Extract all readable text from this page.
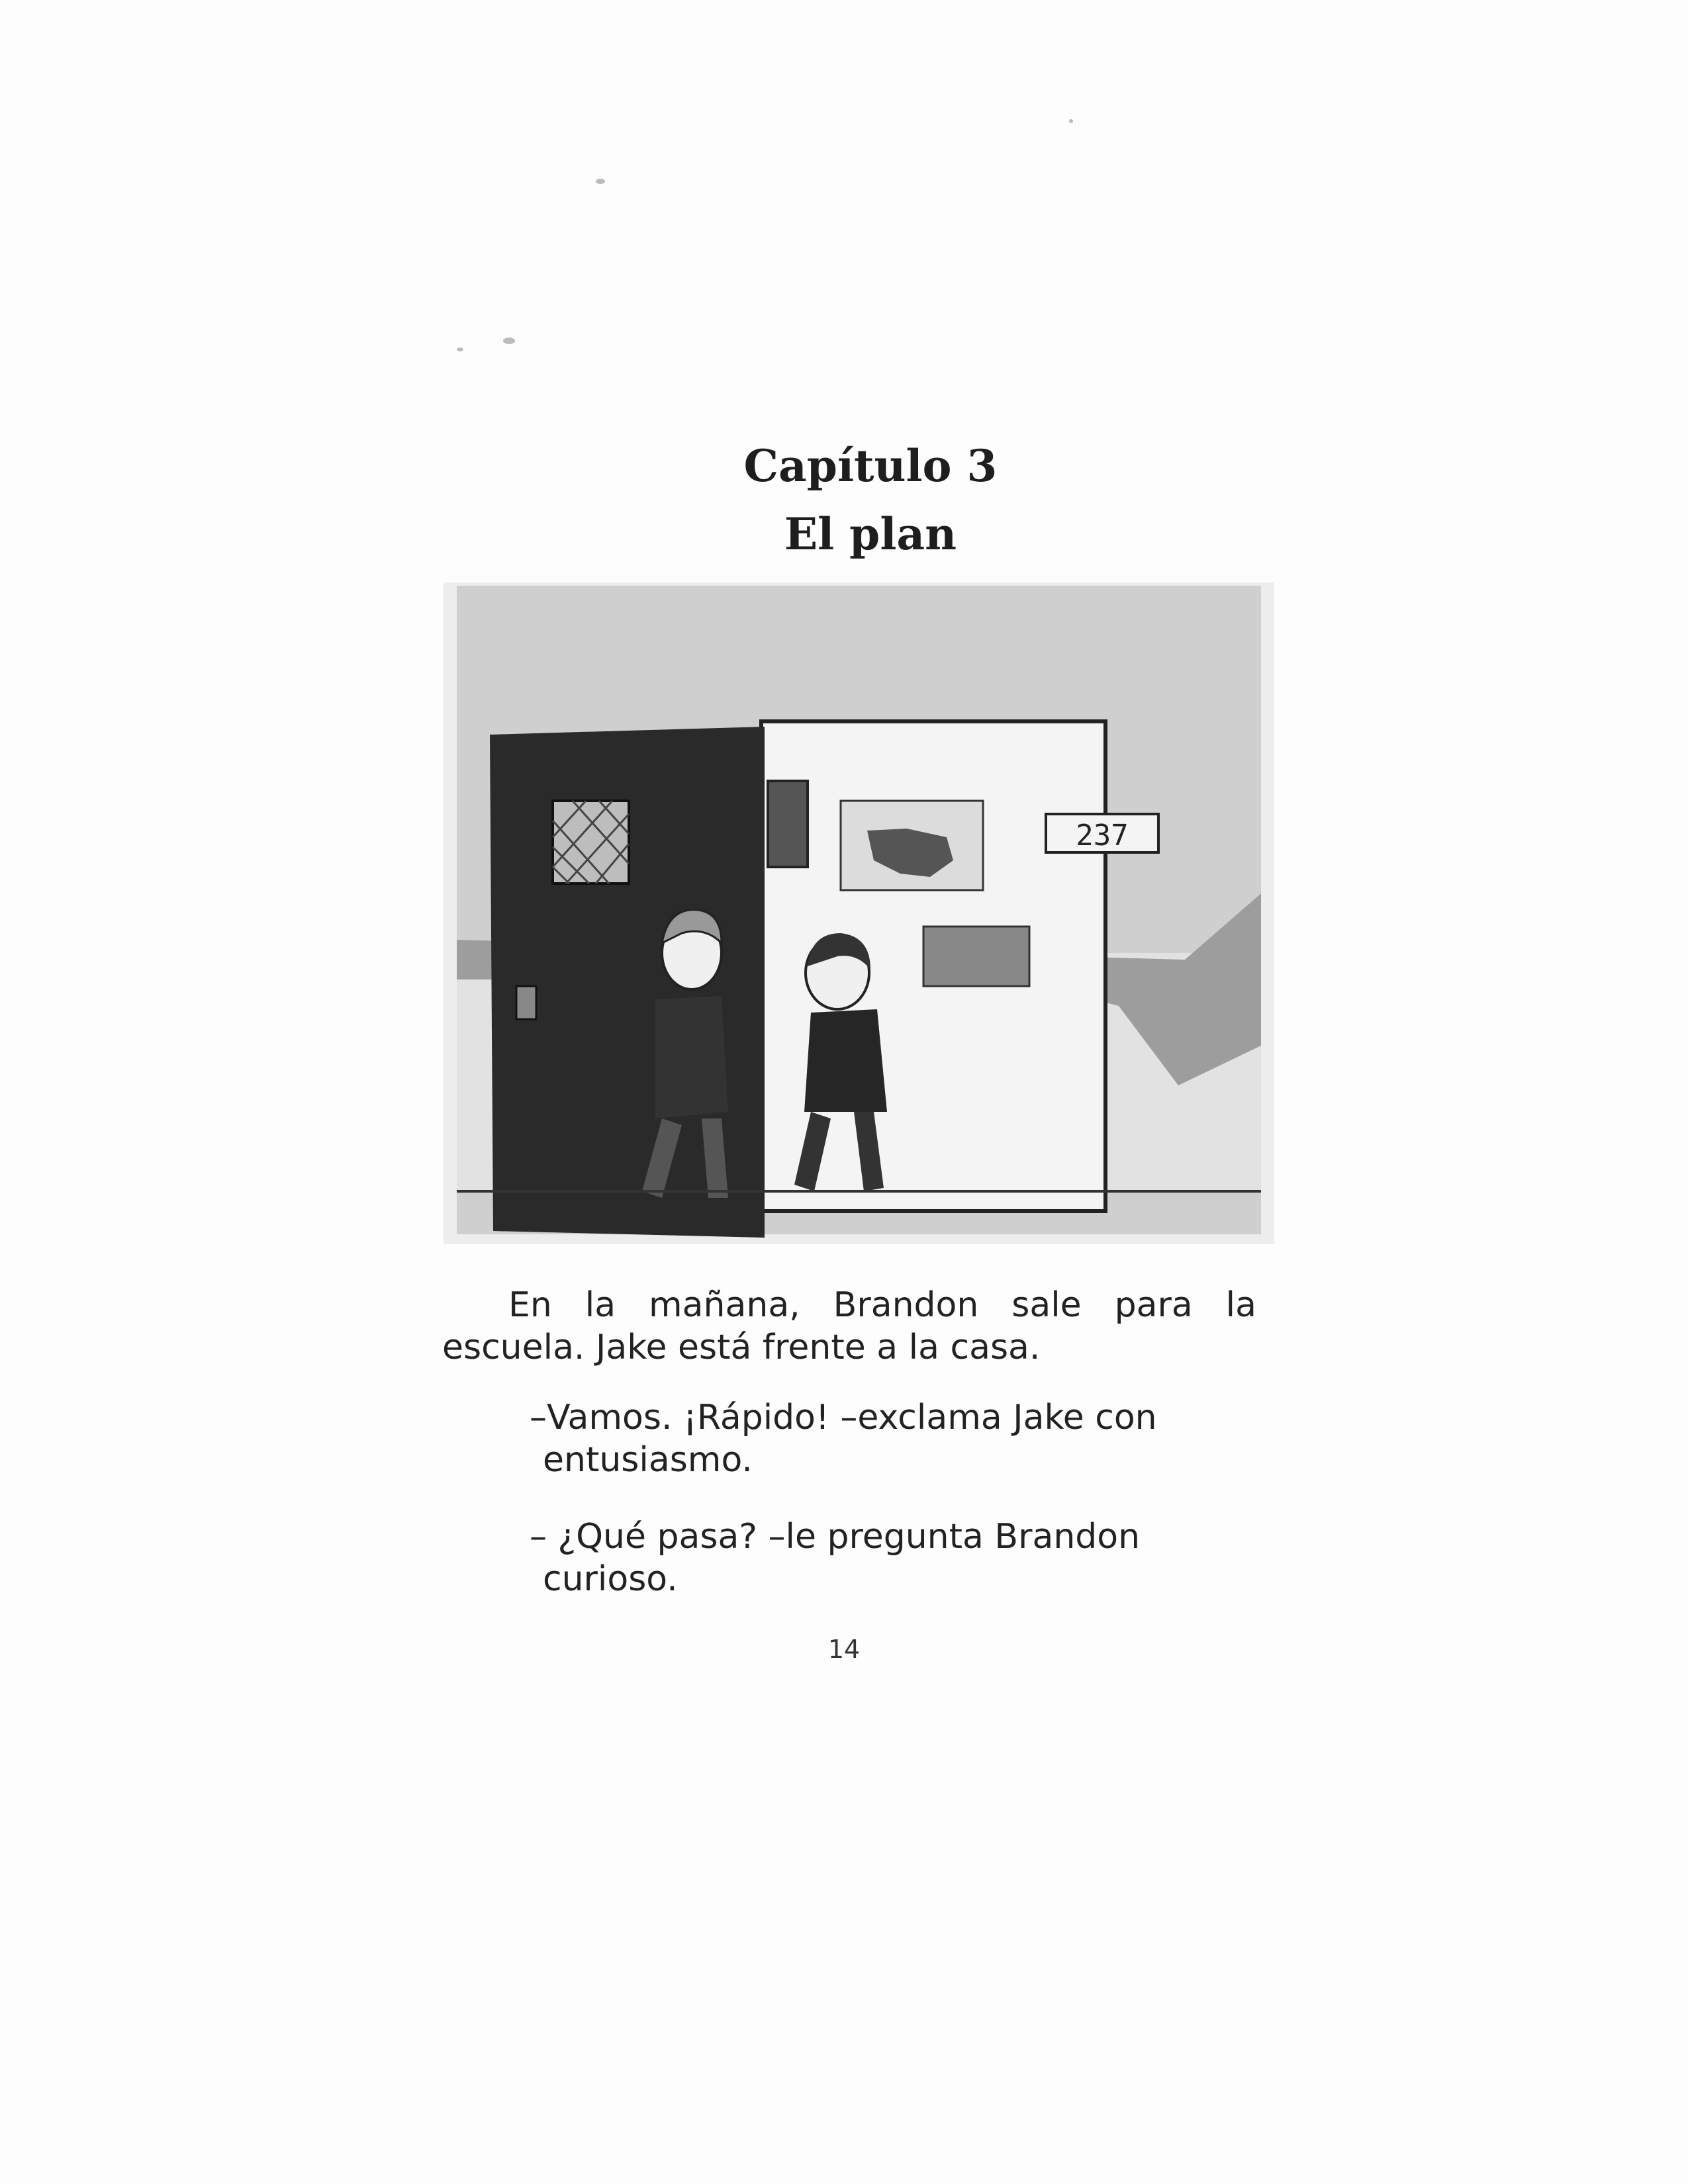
Capítulo 3
El plan
237

En la mañana, Brandon sale para la escuela. Jake está frente a la casa.

–Vamos. ¡Rápido! –exclama Jake con entusiasmo.

– ¿Qué pasa? –le pregunta Brandon curioso.

14
